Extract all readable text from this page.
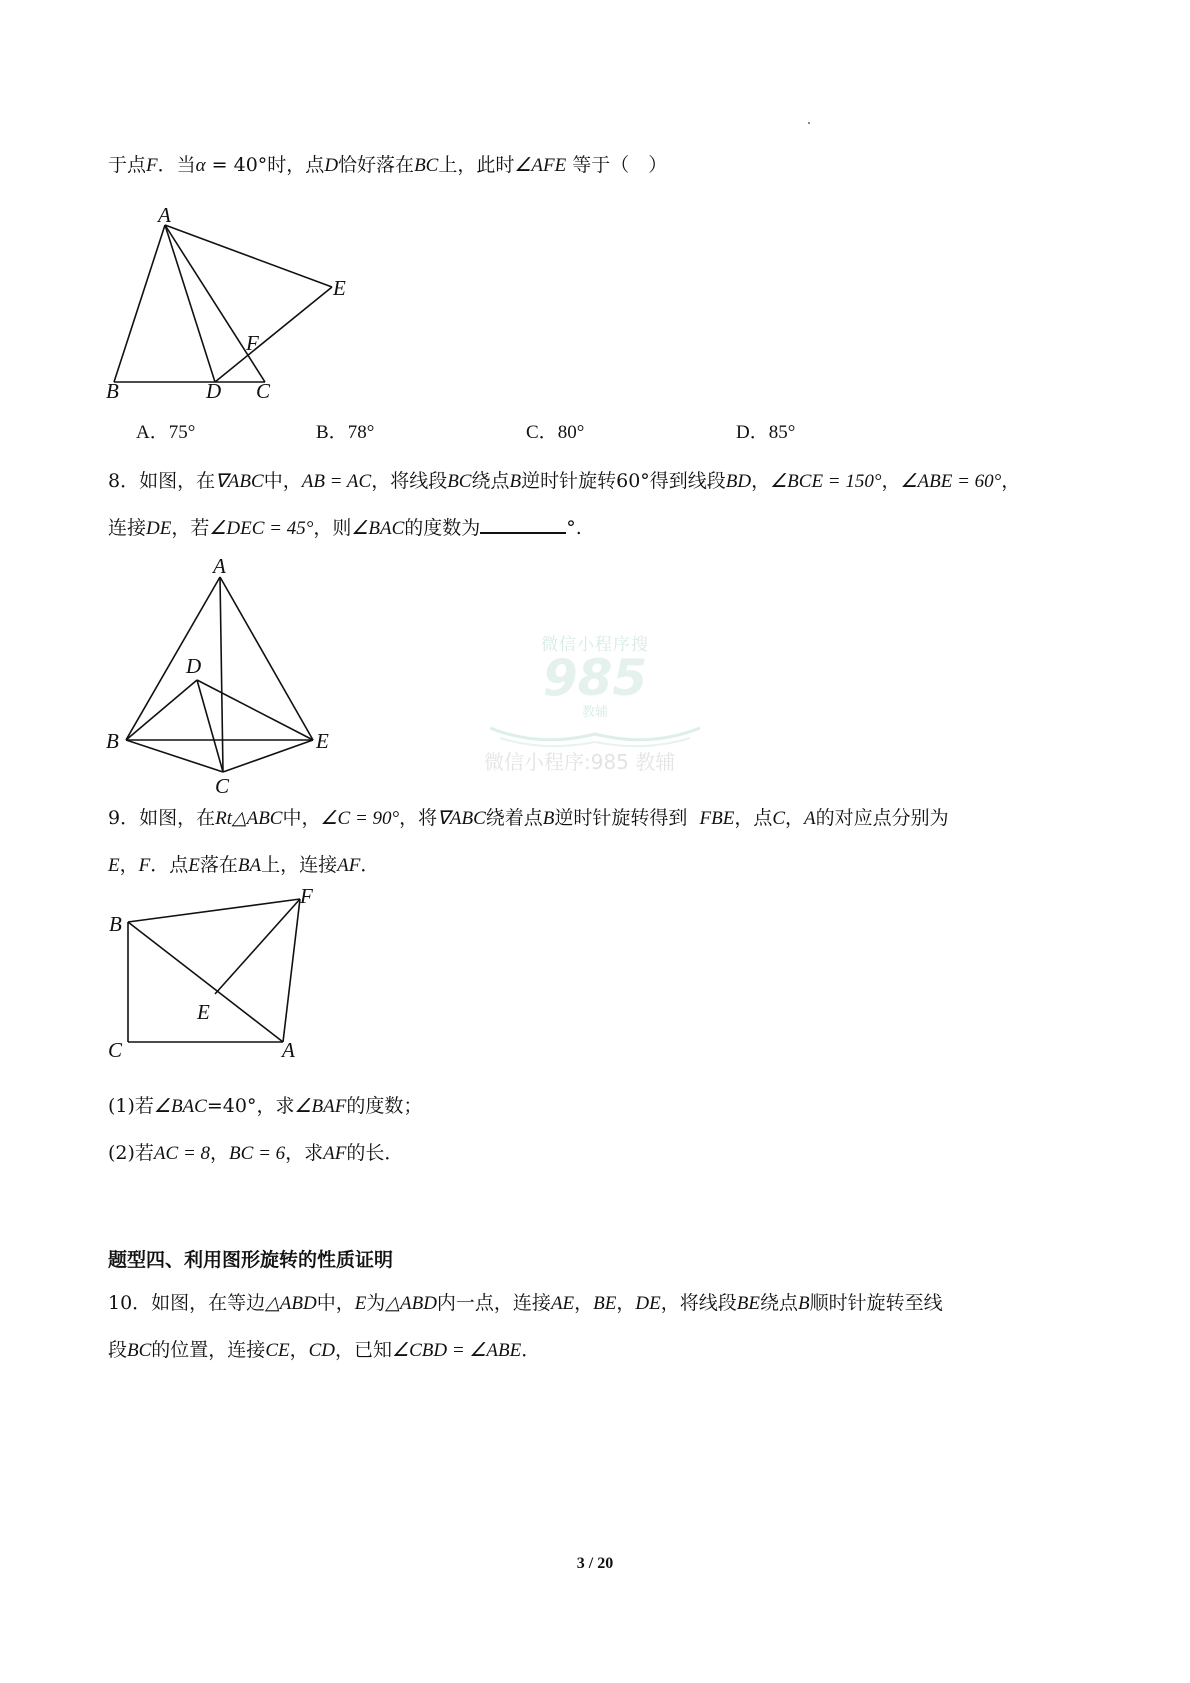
于点F．当α = 40°时，点D恰好落在BC上，此时∠AFE 等于（　）
A
E
F
B	D C
A．75°	B．78°	C．80°	D．85°
8．如图，在∇ABC中，AB = AC，将线段BC绕点B逆时针旋转60°得到线段BD，∠BCE = 150°，∠ABE = 60°，
连接DE，若∠DEC = 45°，则∠BAC的度数为	°.
A
D
B	E
C
微信小程序搜
985
教辅
微信小程序:985 教辅
9．如图，在Rt△ABC中，∠C = 90°，将∇ABC绕着点B逆时针旋转得到 FBE，点C，A的对应点分别为
E，F．点E落在BA上，连接AF．
F
B
E
C	A
(1)若∠BAC=40°，求∠BAF的度数；
(2)若AC = 8，BC = 6，求AF的长．
题型四、利用图形旋转的性质证明
10．如图，在等边△ABD中，E为△ABD内一点，连接AE，BE，DE，将线段BE绕点B顺时针旋转至线
段BC的位置，连接CE，CD，已知∠CBD = ∠ABE．
3 / 20
